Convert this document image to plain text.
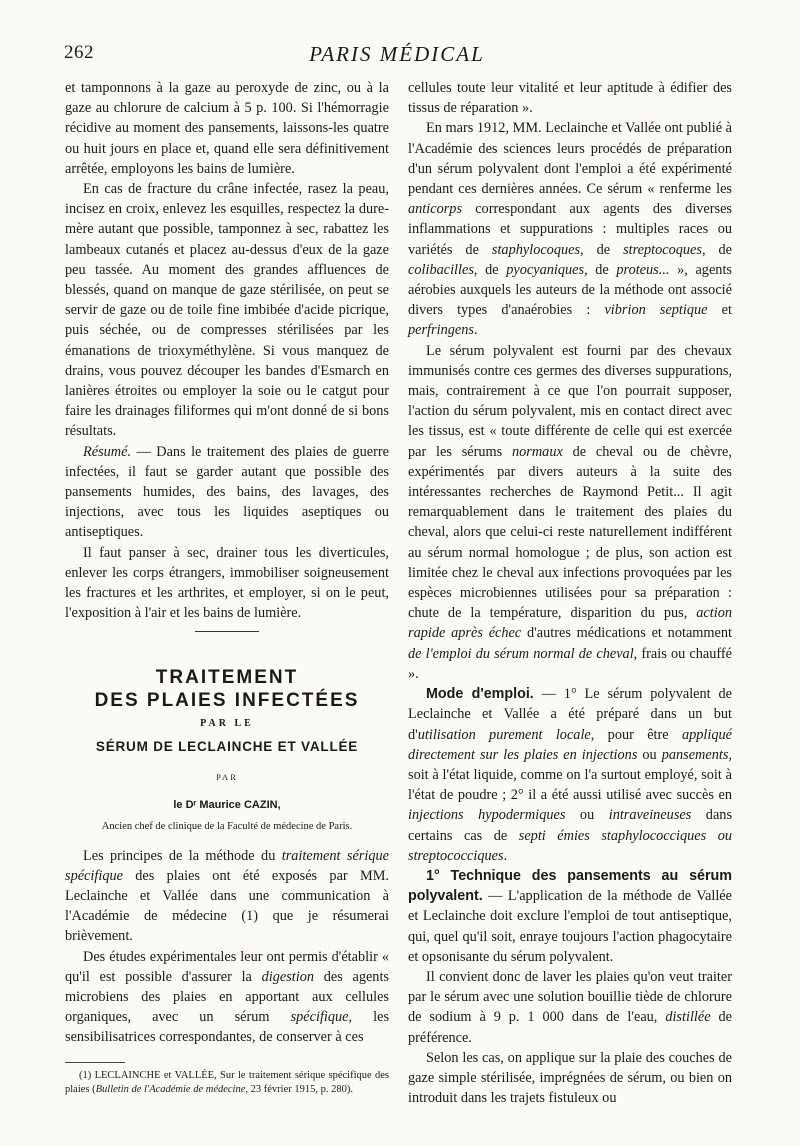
262	PARIS MÉDICAL

et tamponnons à la gaze au peroxyde de zinc, ou à la gaze au chlorure de calcium à 5 p. 100. Si l'hémorragie récidive au moment des pansements, laissons-les quatre ou huit jours en place et, quand elle sera définitivement arrêtée, employons les bains de lumière.

En cas de fracture du crâne infectée, rasez la peau, incisez en croix, enlevez les esquilles, respectez la dure-mère autant que possible, tamponnez à sec, rabattez les lambeaux cutanés et placez au-dessus d'eux de la gaze peu tassée. Au moment des grandes affluences de blessés, quand on manque de gaze stérilisée, on peut se servir de gaze ou de toile fine imbibée d'acide picrique, puis séchée, ou de compresses stérilisées par les émanations de trioxyméthylène. Si vous manquez de drains, vous pouvez découper les bandes d'Esmarch en lanières étroites ou employer la soie ou le catgut pour faire les drainages filiformes qui m'ont donné de si bons résultats.

Résumé. — Dans le traitement des plaies de guerre infectées, il faut se garder autant que possible des pansements humides, des bains, des lavages, des injections, avec tous les liquides aseptiques ou antiseptiques.

Il faut panser à sec, drainer tous les diverticules, enlever les corps étrangers, immobiliser soigneusement les fractures et les arthrites, et employer, si on le peut, l'exposition à l'air et les bains de lumière.

TRAITEMENT
DES PLAIES INFECTÉES
PAR LE
SÉRUM DE LECLAINCHE ET VALLÉE
PAR
le Dʳ Maurice CAZIN,
Ancien chef de clinique de la Faculté de médecine de Paris.

Les principes de la méthode du traitement sérique spécifique des plaies ont été exposés par MM. Leclainche et Vallée dans une communication à l'Académie de médecine (1) que je résumerai brièvement.

Des études expérimentales leur ont permis d'établir « qu'il est possible d'assurer la digestion des agents microbiens des plaies en apportant aux cellules organiques, avec un sérum spécifique, les sensibilisatrices correspondantes, de conserver à ces

(1) LECLAINCHE et VALLÉE, Sur le traitement sérique spécifique des plaies (Bulletin de l'Académie de médecine, 23 février 1915, p. 280).

cellules toute leur vitalité et leur aptitude à édifier des tissus de réparation ».

En mars 1912, MM. Leclainche et Vallée ont publié à l'Académie des sciences leurs procédés de préparation d'un sérum polyvalent dont l'emploi a été expérimenté pendant ces dernières années. Ce sérum « renferme les anticorps correspondant aux agents des diverses inflammations et suppurations : multiples races ou variétés de staphylocoques, de streptocoques, de colibacilles, de pyocyaniques, de proteus... », agents aérobies auxquels les auteurs de la méthode ont associé divers types d'anaérobies : vibrion septique et perfringens.

Le sérum polyvalent est fourni par des chevaux immunisés contre ces germes des diverses suppurations, mais, contrairement à ce que l'on pourrait supposer, l'action du sérum polyvalent, mis en contact direct avec les tissus, est « toute différente de celle qui est exercée par les sérums normaux de cheval ou de chèvre, expérimentés par divers auteurs à la suite des intéressantes recherches de Raymond Petit... Il agit remarquablement dans le traitement des plaies du cheval, alors que celui-ci reste naturellement indifférent au sérum normal homologue ; de plus, son action est limitée chez le cheval aux infections provoquées par les espèces microbiennes utilisées pour sa préparation : chute de la température, disparition du pus, action rapide après échec d'autres médications et notamment de l'emploi du sérum normal de cheval, frais ou chauffé ».

Mode d'emploi. — 1° Le sérum polyvalent de Leclainche et Vallée a été préparé dans un but d'utilisation purement locale, pour être appliqué directement sur les plaies en injections ou pansements, soit à l'état liquide, comme on l'a surtout employé, soit à l'état de poudre ; 2° il a été aussi utilisé avec succès en injections hypodermiques ou intraveineuses dans certains cas de septi émies staphylococciques ou streptococciques.

1° Technique des pansements au sérum polyvalent. — L'application de la méthode de Vallée et Leclainche doit exclure l'emploi de tout antiseptique, qui, quel qu'il soit, enraye toujours l'action phagocytaire et opsonisante du sérum polyvalent.

Il convient donc de laver les plaies qu'on veut traiter par le sérum avec une solution bouillie tiède de chlorure de sodium à 9 p. 1 000 dans de l'eau, distillée de préférence.

Selon les cas, on applique sur la plaie des couches de gaze simple stérilisée, imprégnées de sérum, ou bien on introduit dans les trajets fistuleux ou
